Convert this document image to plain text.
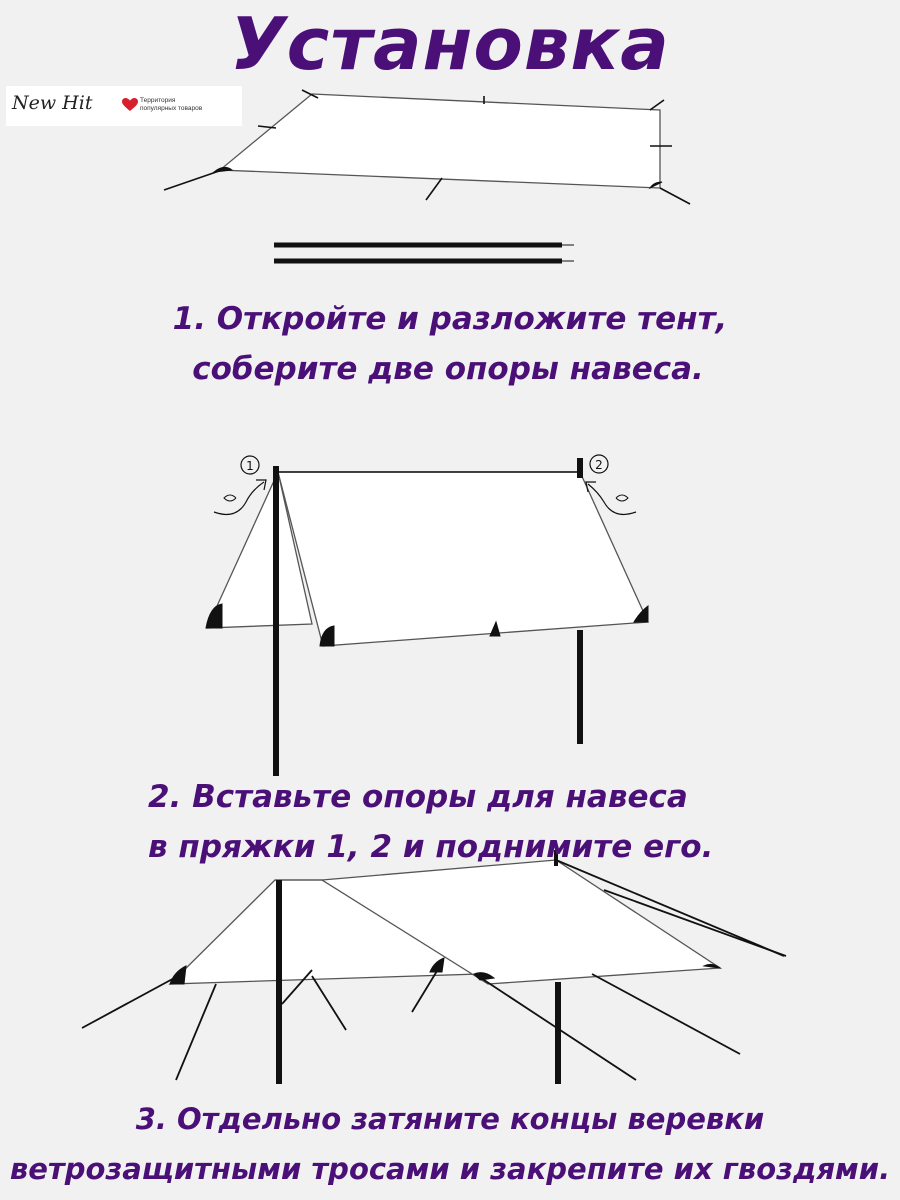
Установка
New Hit	Территория
популярных товаров
1	2
1. Откройте и разложите тент,
соберите две опоры навеса.
2. Вставьте опоры для навеса
в пряжки 1, 2 и поднимите его.
3. Отдельно затяните концы веревки
ветрозащитными тросами и закрепите их гвоздями.
